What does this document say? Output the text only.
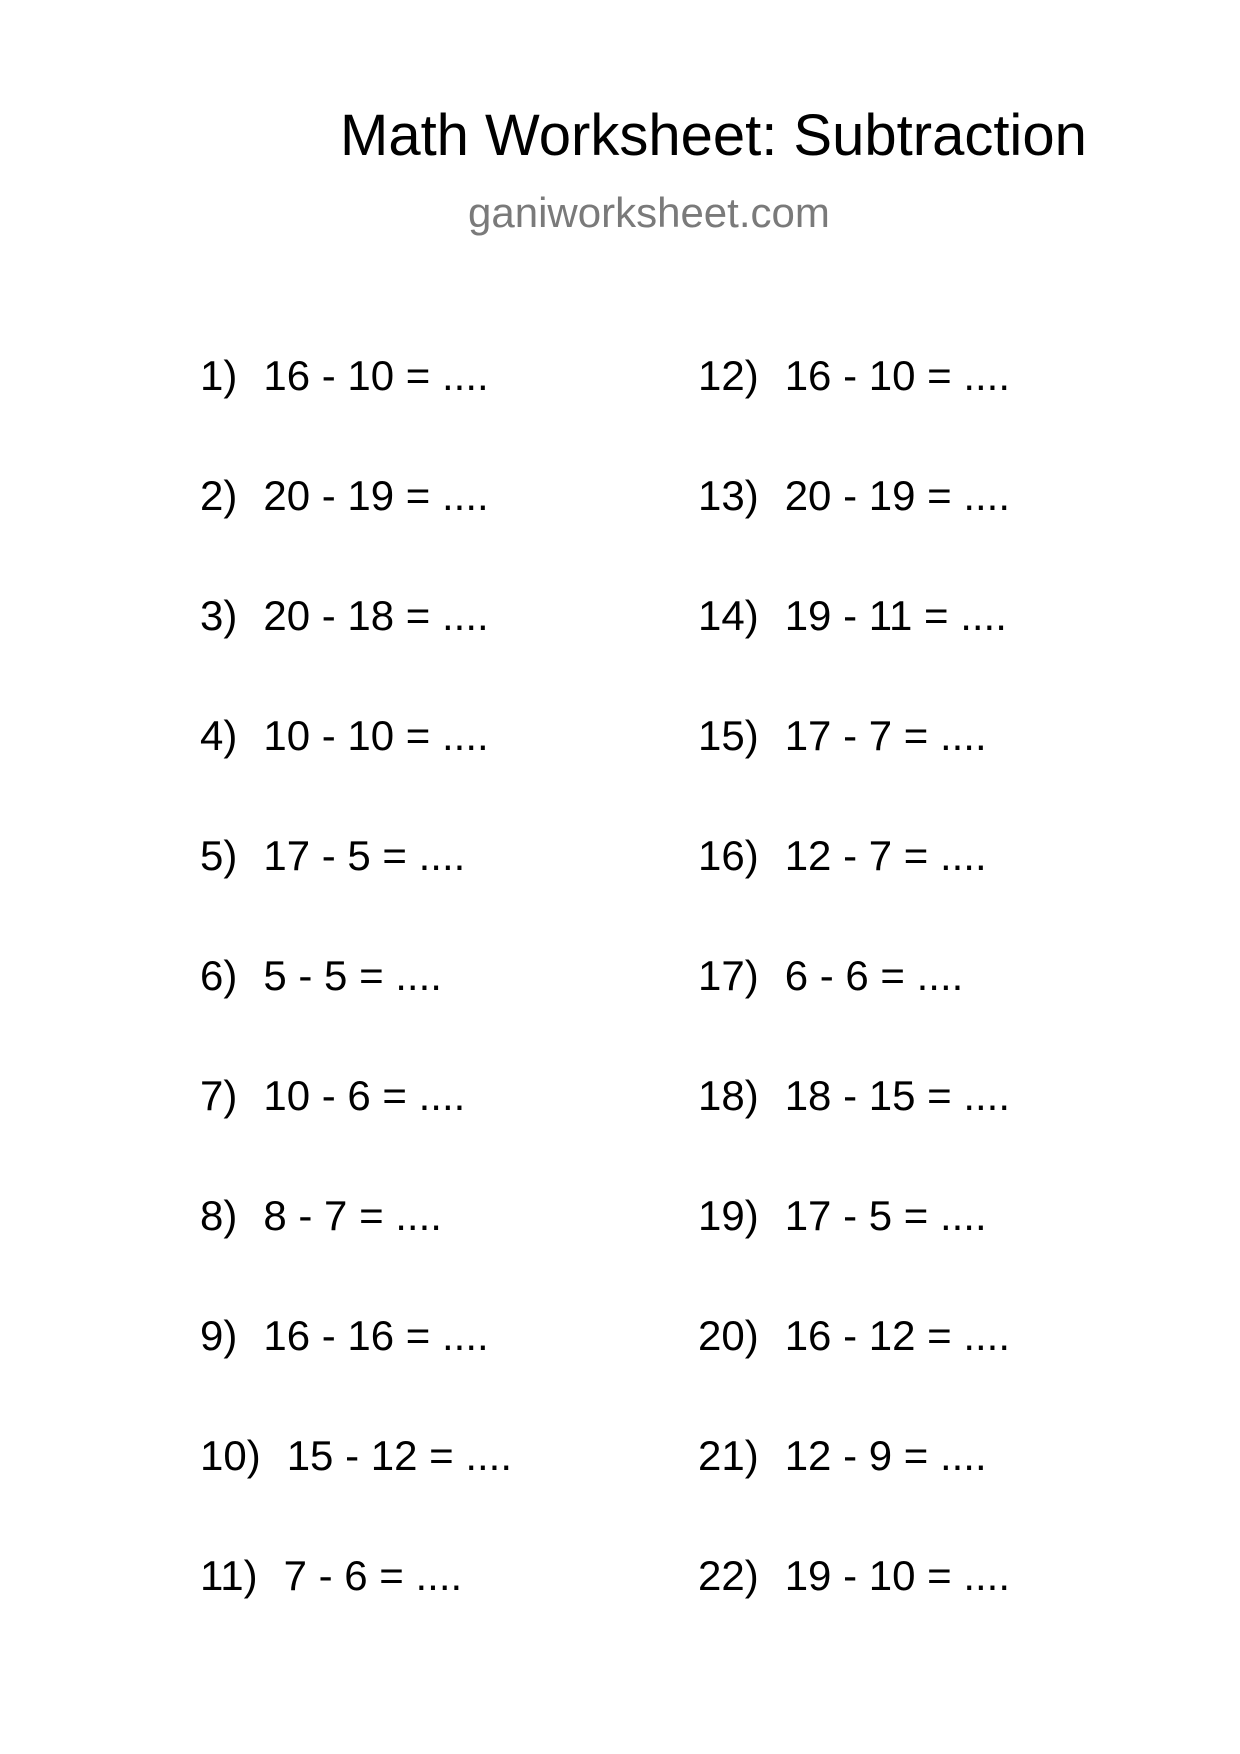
Math Worksheet: Subtraction
ganiworksheet.com
1) 16 - 10 = ....
2) 20 - 19 = ....
3) 20 - 18 = ....
4) 10 - 10 = ....
5) 17 - 5 = ....
6) 5 - 5 = ....
7) 10 - 6 = ....
8) 8 - 7 = ....
9) 16 - 16 = ....
10) 15 - 12 = ....
11) 7 - 6 = ....
12) 16 - 10 = ....
13) 20 - 19 = ....
14) 19 - 11 = ....
15) 17 - 7 = ....
16) 12 - 7 = ....
17) 6 - 6 = ....
18) 18 - 15 = ....
19) 17 - 5 = ....
20) 16 - 12 = ....
21) 12 - 9 = ....
22) 19 - 10 = ....
